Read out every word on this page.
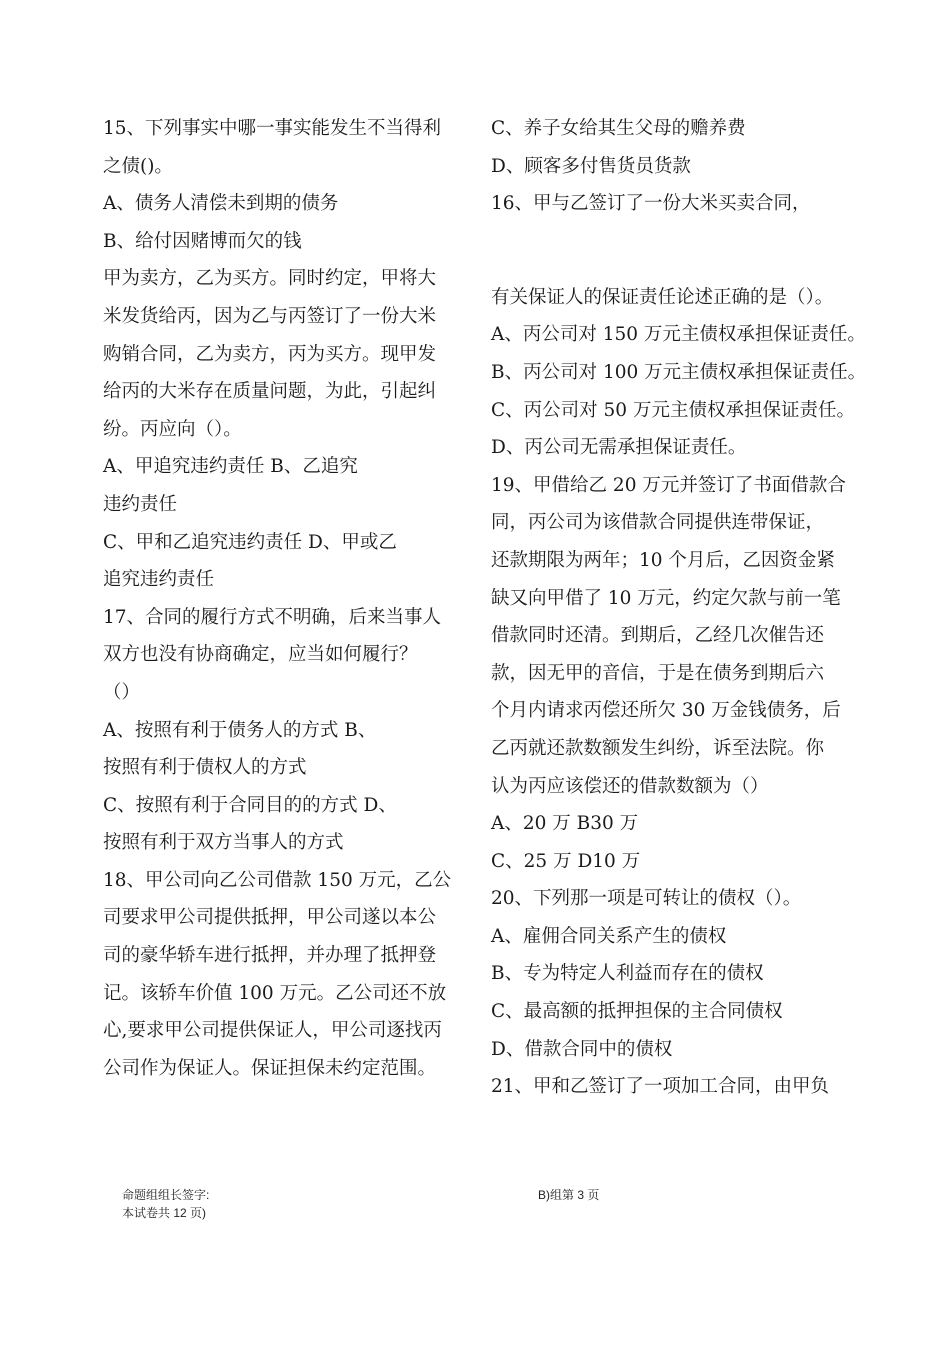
15、下列事实中哪一事实能发生不当得利
之债()。
A、债务人清偿未到期的债务
B、给付因赌博而欠的钱
甲为卖方，乙为买方。同时约定，甲将大
米发货给丙，因为乙与丙签订了一份大米
购销合同，乙为卖方，丙为买方。现甲发
给丙的大米存在质量问题，为此，引起纠
纷。丙应向（）。
A、甲追究违约责任 B、乙追究
违约责任
C、甲和乙追究违约责任 D、甲或乙
追究违约责任
17、合同的履行方式不明确，后来当事人
双方也没有协商确定，应当如何履行？
（）
A、按照有利于债务人的方式 B、
按照有利于债权人的方式
C、按照有利于合同目的的方式 D、
按照有利于双方当事人的方式
18、甲公司向乙公司借款 150 万元，乙公
司要求甲公司提供抵押，甲公司遂以本公
司的豪华轿车进行抵押，并办理了抵押登
记。该轿车价值 100 万元。乙公司还不放
心,要求甲公司提供保证人，甲公司逐找丙
公司作为保证人。保证担保未约定范围。
C、养子女给其生父母的赡养费
D、顾客多付售货员货款
16、甲与乙签订了一份大米买卖合同，
有关保证人的保证责任论述正确的是（）。
A、丙公司对 150 万元主债权承担保证责任。
B、丙公司对 100 万元主债权承担保证责任。
C、丙公司对 50 万元主债权承担保证责任。
D、丙公司无需承担保证责任。
19、甲借给乙 20 万元并签订了书面借款合
同，丙公司为该借款合同提供连带保证，
还款期限为两年；10 个月后，乙因资金紧
缺又向甲借了 10 万元，约定欠款与前一笔
借款同时还清。到期后，乙经几次催告还
款，因无甲的音信，于是在债务到期后六
个月内请求丙偿还所欠 30 万金钱债务，后
乙丙就还款数额发生纠纷，诉至法院。你
认为丙应该偿还的借款数额为（）
A、20 万 B30 万
C、25 万 D10 万
20、下列那一项是可转让的债权（）。
A、雇佣合同关系产生的债权
B、专为特定人利益而存在的债权
C、最高额的抵押担保的主合同债权
D、借款合同中的债权
21、甲和乙签订了一项加工合同，由甲负
命题组组长签字:
本试卷共 12 页)
B)组第 3 页
